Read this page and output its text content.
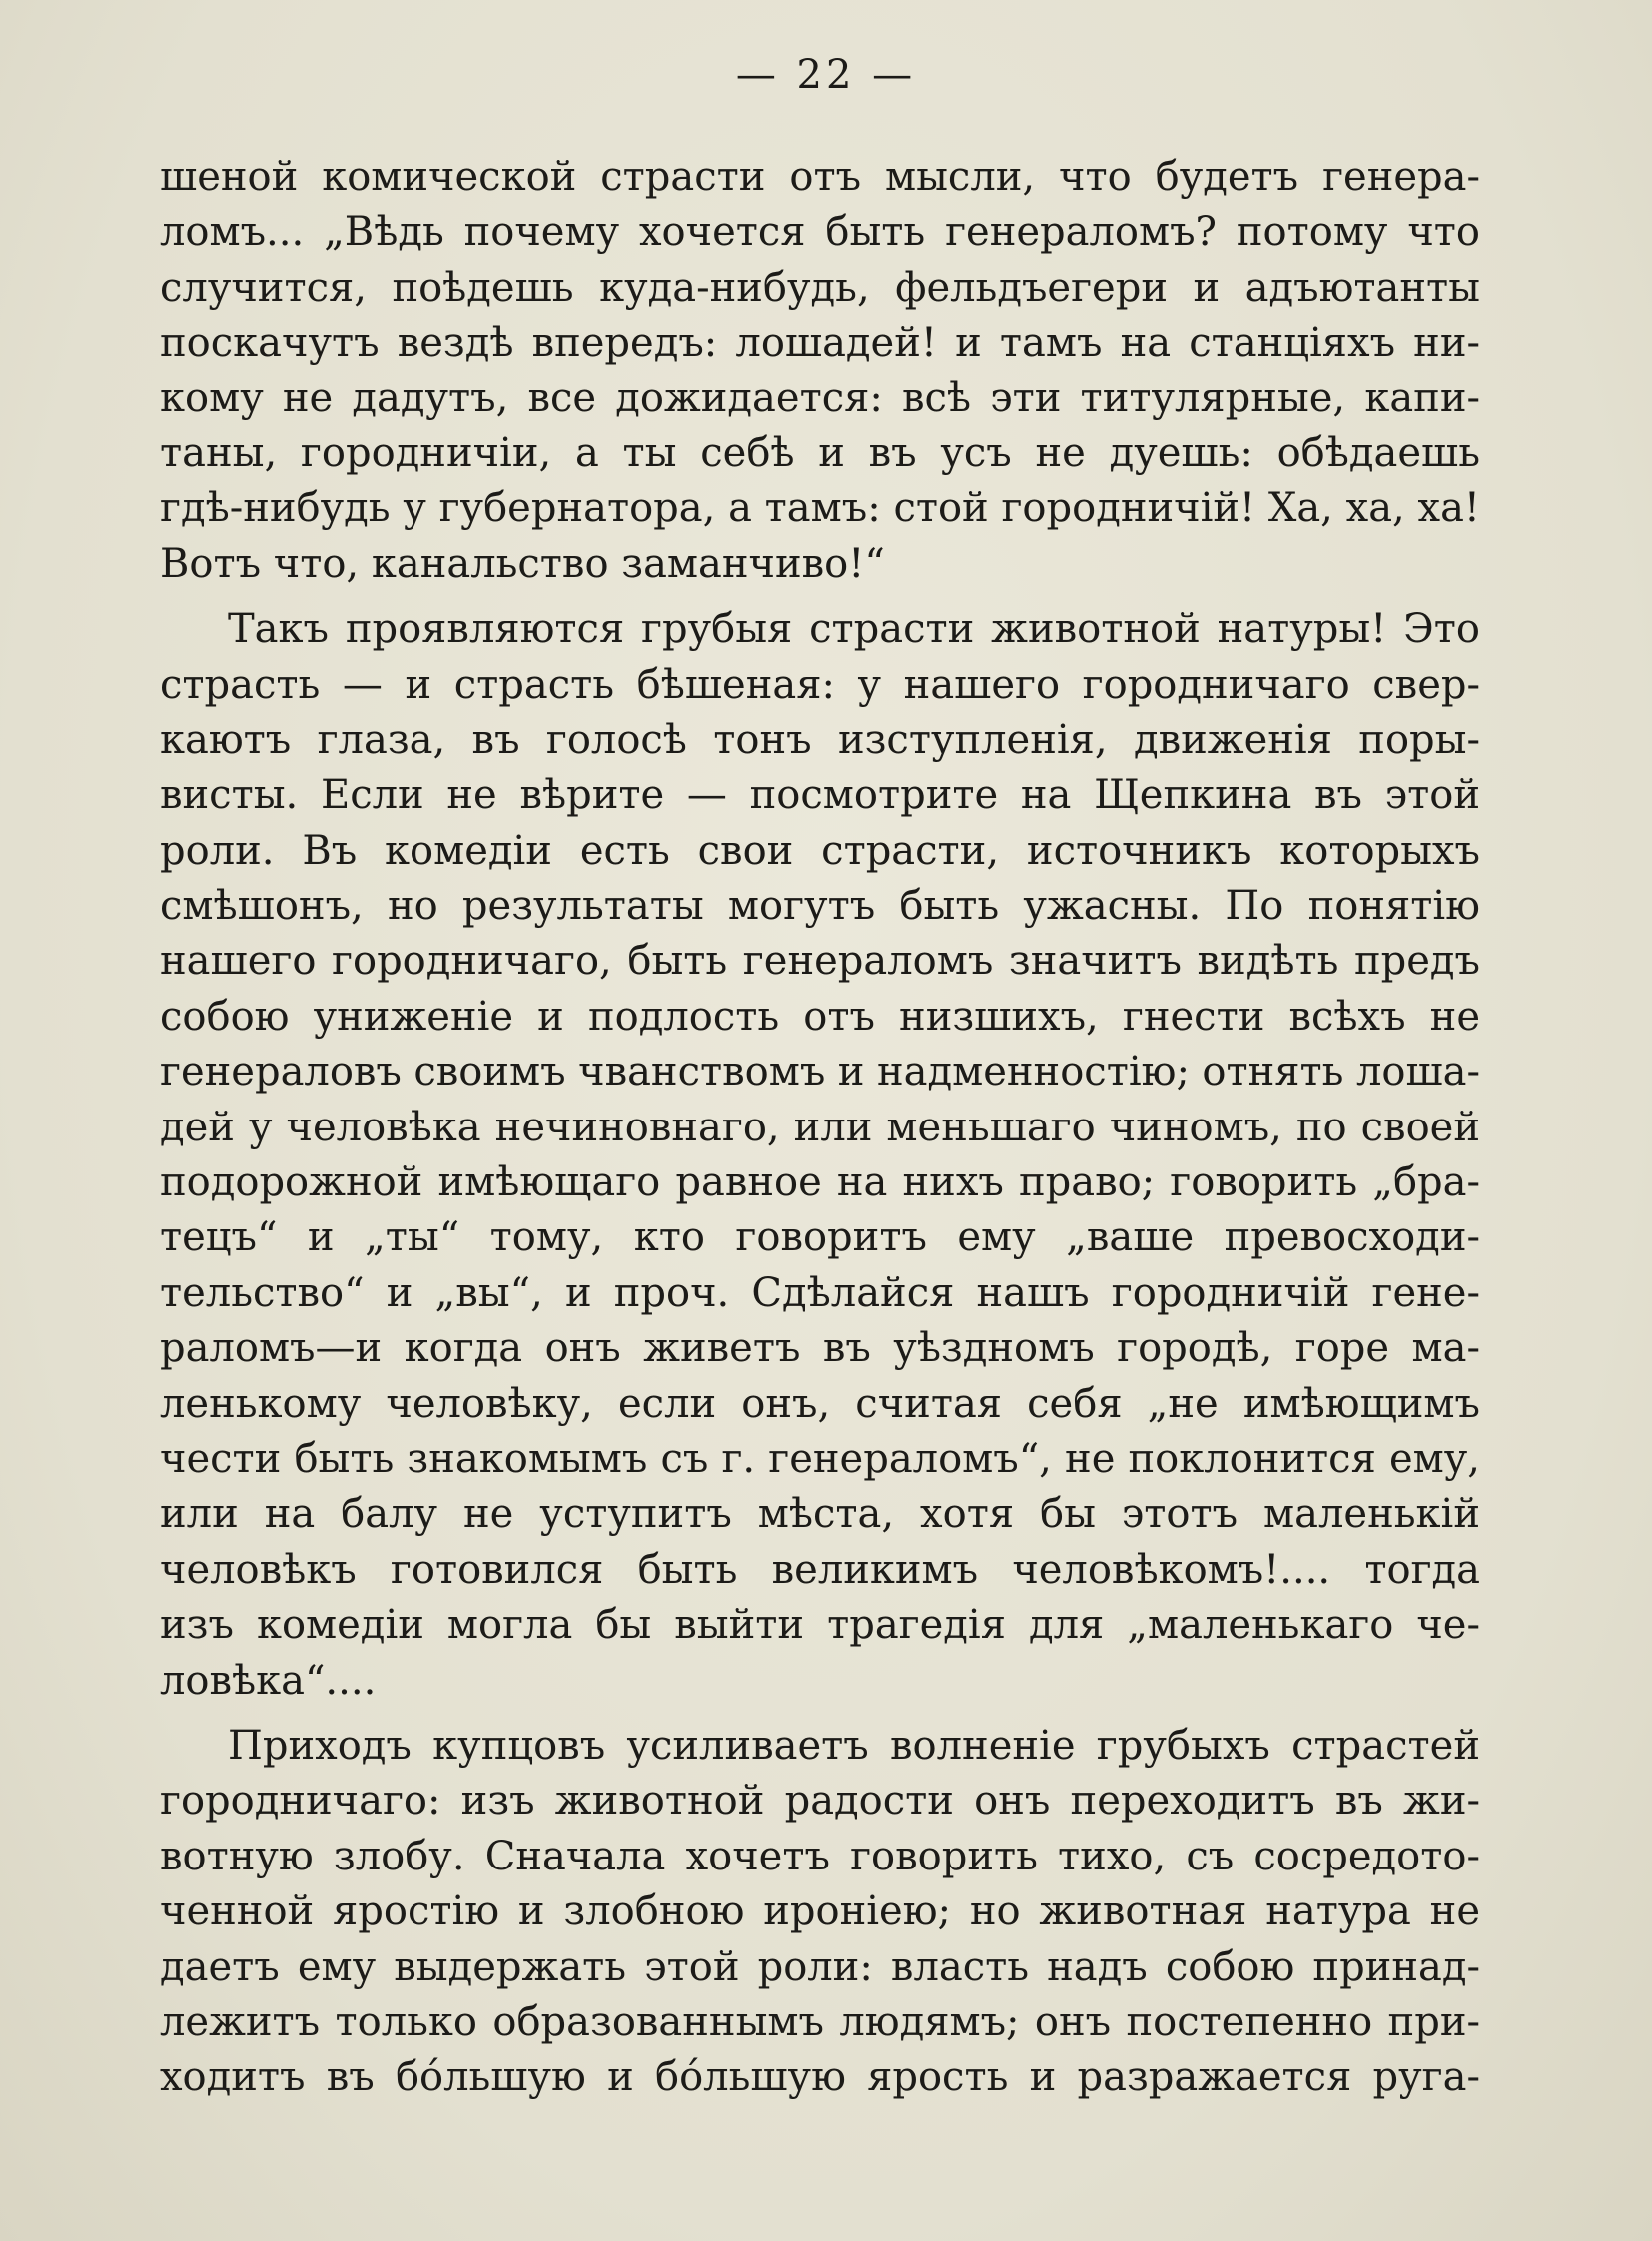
— 22 —
шеной комической страсти отъ мысли, что будетъ генера-
ломъ... „Вѣдь почему хочется быть генераломъ? потому что
случится, поѣдешь куда-нибудь, фельдъегери и адъютанты
поскачутъ вездѣ впередъ: лошадей! и тамъ на станціяхъ ни-
кому не дадутъ, все дожидается: всѣ эти титулярные, капи-
таны, городничіи, а ты себѣ и въ усъ не дуешь: обѣдаешь
гдѣ-нибудь у губернатора, а тамъ: стой городничій! Ха, ха, ха!
Вотъ что, канальство заманчиво!“
Такъ проявляются грубыя страсти животной натуры! Это
страсть — и страсть бѣшеная: у нашего городничаго свер-
каютъ глаза, въ голосѣ тонъ изступленія, движенія поры-
висты. Если не вѣрите — посмотрите на Щепкина въ этой
роли. Въ комедіи есть свои страсти, источникъ которыхъ
смѣшонъ, но результаты могутъ быть ужасны. По понятію
нашего городничаго, быть генераломъ значитъ видѣть предъ
собою униженіе и подлость отъ низшихъ, гнести всѣхъ не
генераловъ своимъ чванствомъ и надменностію; отнять лоша-
дей у человѣка нечиновнаго, или меньшаго чиномъ, по своей
подорожной имѣющаго равное на нихъ право; говорить „бра-
тецъ“ и „ты“ тому, кто говоритъ ему „ваше превосходи-
тельство“ и „вы“, и проч. Сдѣлайся нашъ городничій гене-
раломъ—и когда онъ живетъ въ уѣздномъ городѣ, горе ма-
ленькому человѣку, если онъ, считая себя „не имѣющимъ
чести быть знакомымъ съ г. генераломъ“, не поклонится ему,
или на балу не уступитъ мѣста, хотя бы этотъ маленькій
человѣкъ готовился быть великимъ человѣкомъ!.... тогда
изъ комедіи могла бы выйти трагедія для „маленькаго че-
ловѣка“....
Приходъ купцовъ усиливаетъ волненіе грубыхъ страстей
городничаго: изъ животной радости онъ переходитъ въ жи-
вотную злобу. Сначала хочетъ говорить тихо, съ сосредото-
ченной яростію и злобною ироніею; но животная натура не
даетъ ему выдержать этой роли: власть надъ собою принад-
лежитъ только образованнымъ людямъ; онъ постепенно при-
ходитъ въ бо́льшую и бо́льшую ярость и разражается руга-
